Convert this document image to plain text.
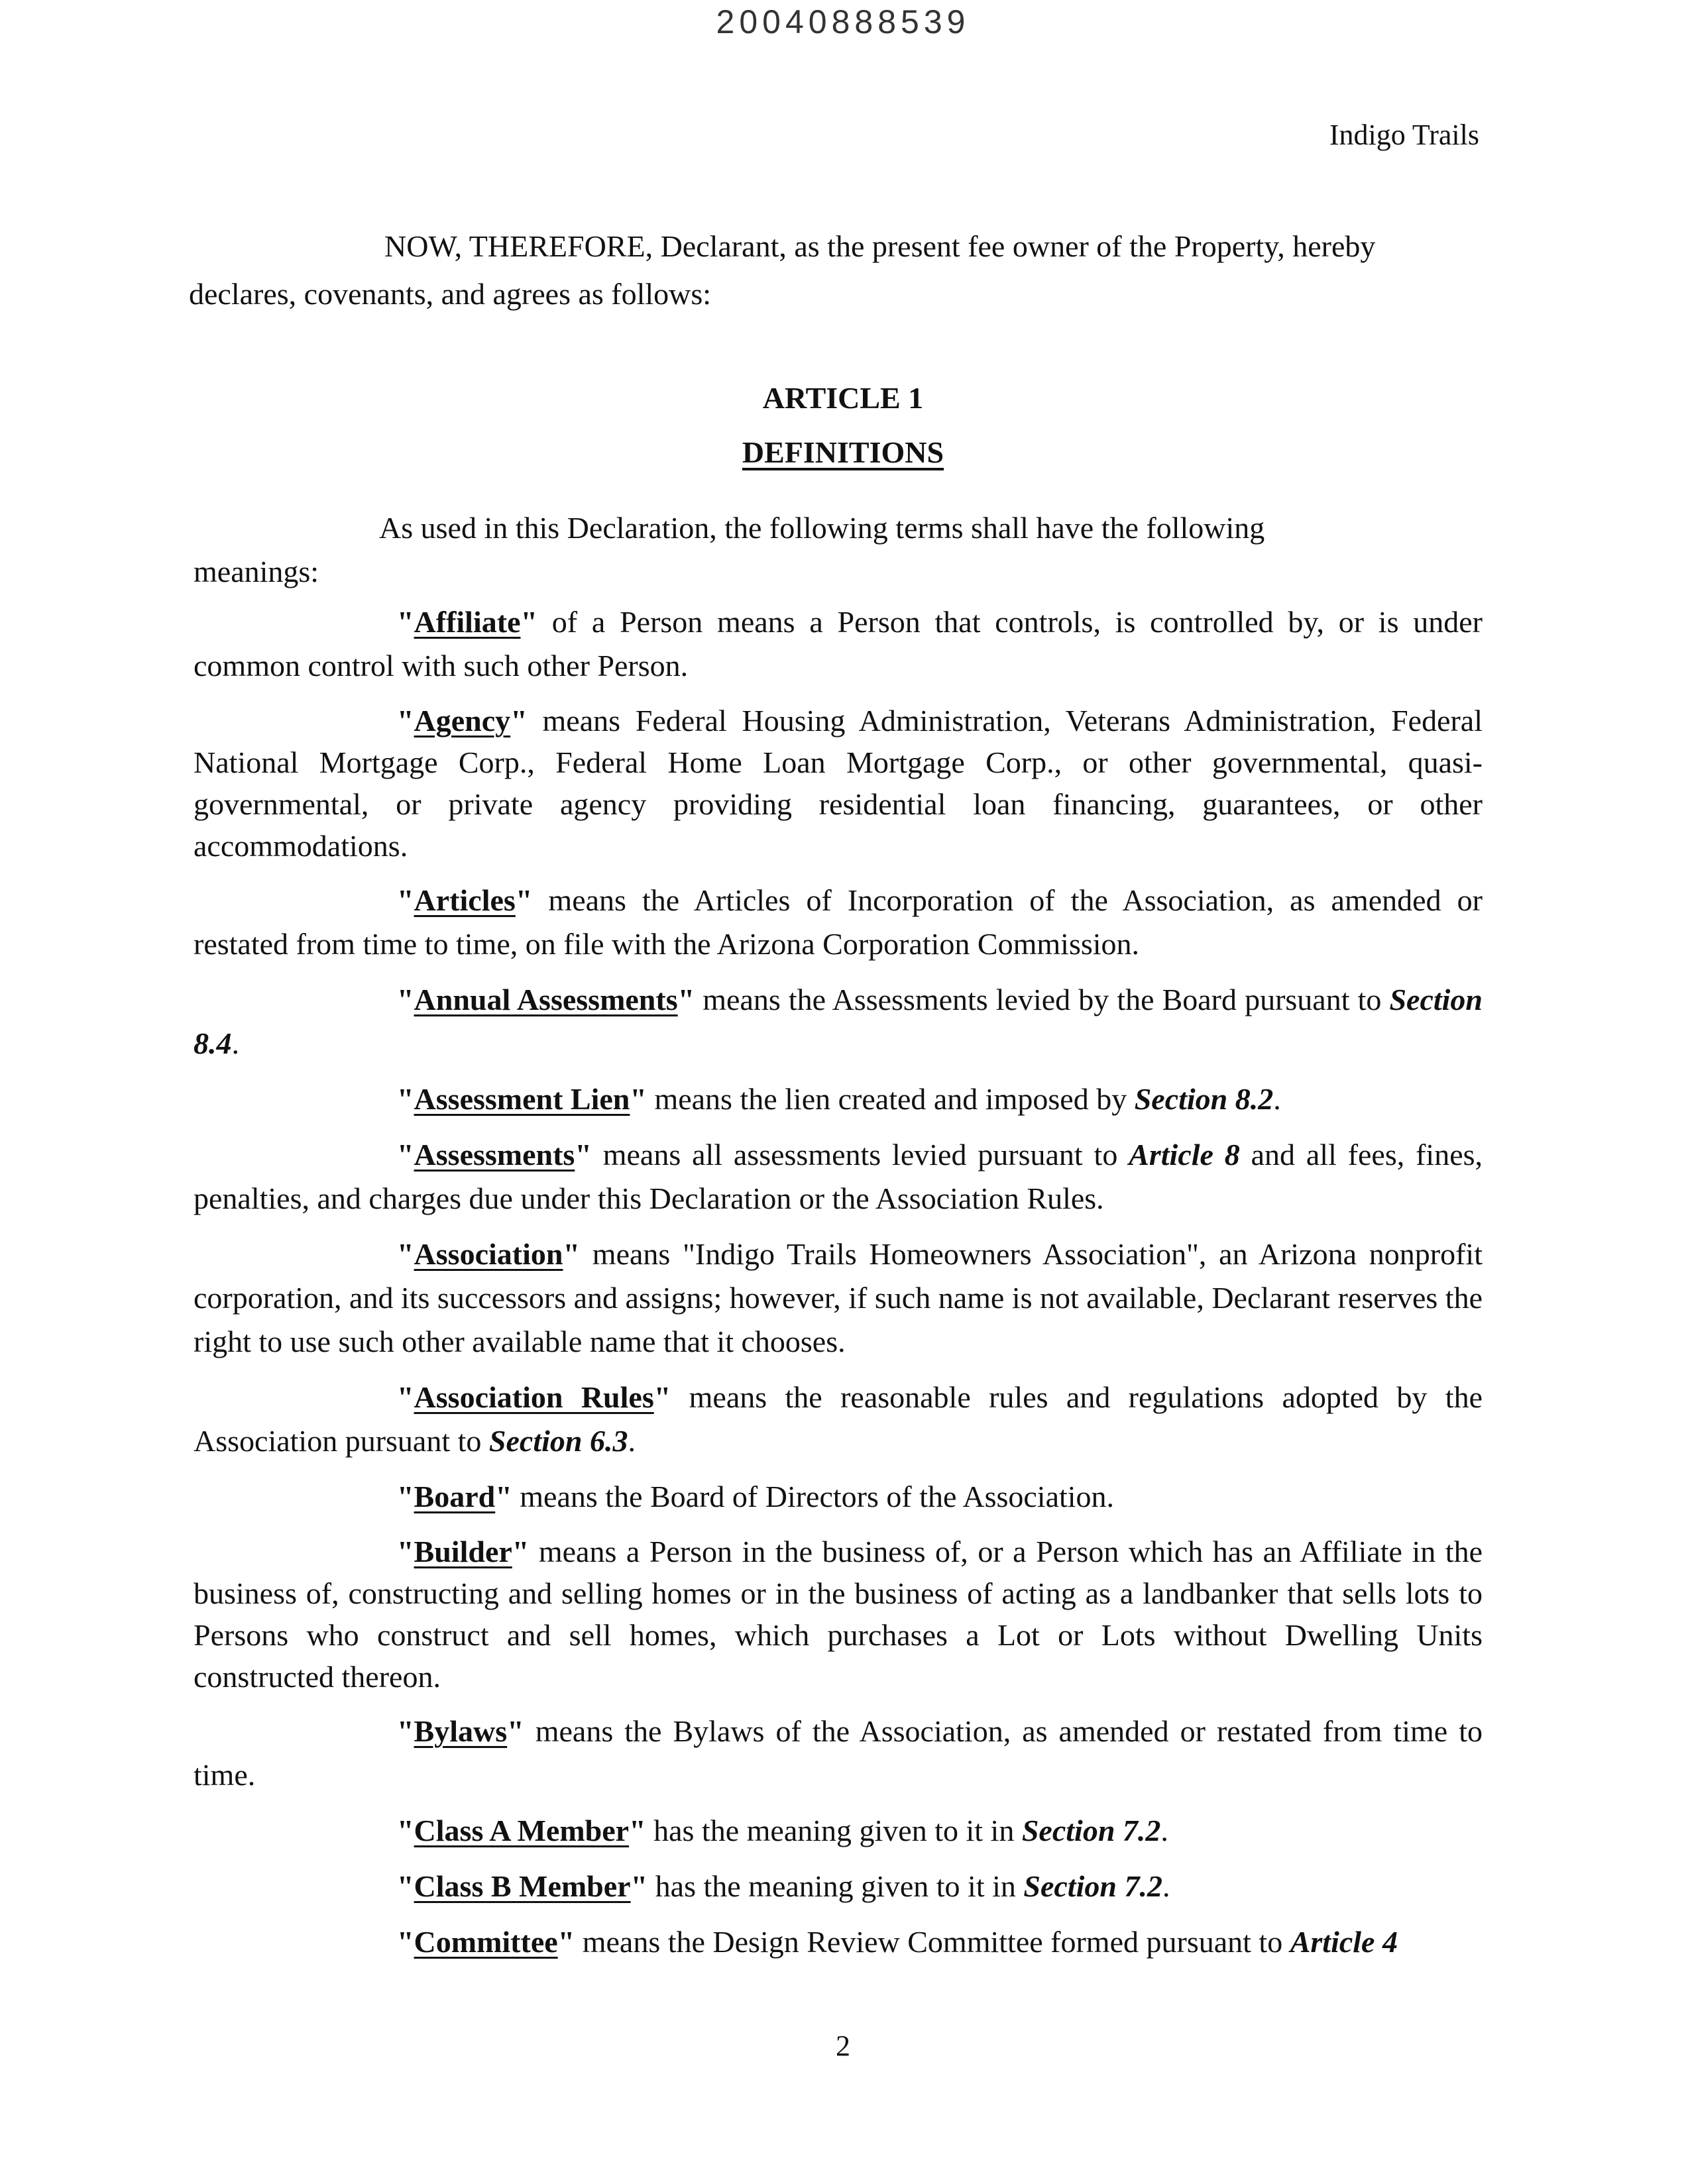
20040888539

Indigo Trails

NOW, THEREFORE, Declarant, as the present fee owner of the Property, hereby
declares, covenants, and agrees as follows:

ARTICLE 1

DEFINITIONS

As used in this Declaration, the following terms shall have the following
meanings:

"Affiliate" of a Person means a Person that controls, is controlled by, or is under common control with such other Person.

"Agency" means Federal Housing Administration, Veterans Administration, Federal National Mortgage Corp., Federal Home Loan Mortgage Corp., or other governmental, quasi-governmental, or private agency providing residential loan financing, guarantees, or other accommodations.

"Articles" means the Articles of Incorporation of the Association, as amended or restated from time to time, on file with the Arizona Corporation Commission.

"Annual Assessments" means the Assessments levied by the Board pursuant to Section 8.4.

"Assessment Lien" means the lien created and imposed by Section 8.2.

"Assessments" means all assessments levied pursuant to Article 8 and all fees, fines, penalties, and charges due under this Declaration or the Association Rules.

"Association" means "Indigo Trails Homeowners Association", an Arizona nonprofit corporation, and its successors and assigns; however, if such name is not available, Declarant reserves the right to use such other available name that it chooses.

"Association Rules" means the reasonable rules and regulations adopted by the Association pursuant to Section 6.3.

"Board" means the Board of Directors of the Association.

"Builder" means a Person in the business of, or a Person which has an Affiliate in the business of, constructing and selling homes or in the business of acting as a landbanker that sells lots to Persons who construct and sell homes, which purchases a Lot or Lots without Dwelling Units constructed thereon.

"Bylaws" means the Bylaws of the Association, as amended or restated from time to time.

"Class A Member" has the meaning given to it in Section 7.2.

"Class B Member" has the meaning given to it in Section 7.2.

"Committee" means the Design Review Committee formed pursuant to Article 4

2
